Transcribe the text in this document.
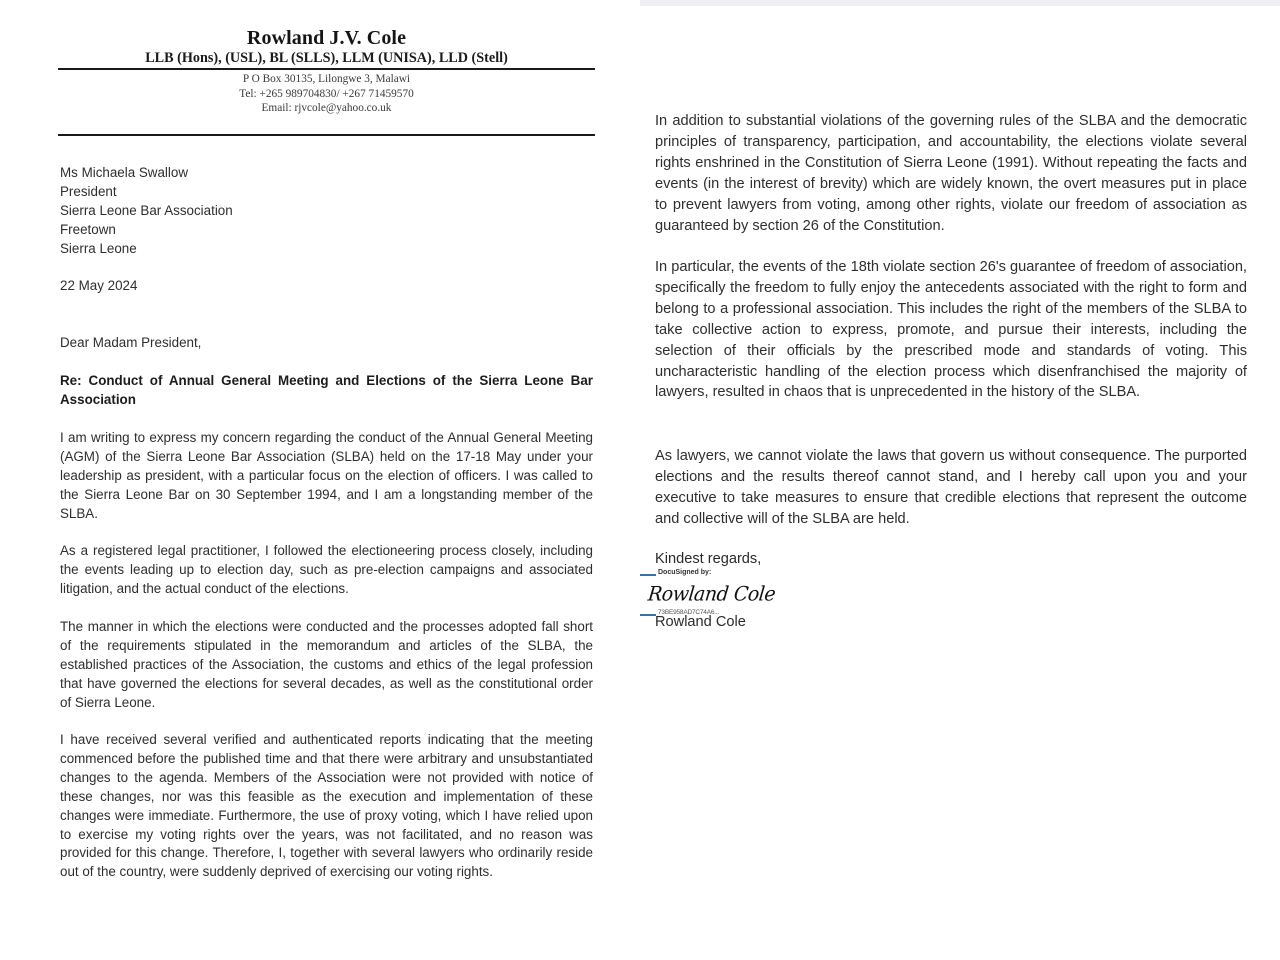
Rowland J.V. Cole
LLB (Hons), (USL), BL (SLLS), LLM (UNISA), LLD (Stell)
P O Box 30135, Lilongwe 3, Malawi
Tel: +265 989704830/ +267 71459570
Email: rjvcole@yahoo.co.uk
Ms Michaela Swallow
President
Sierra Leone Bar Association
Freetown
Sierra Leone
22 May 2024
Dear Madam President,
Re: Conduct of Annual General Meeting and Elections of the Sierra Leone Bar Association
I am writing to express my concern regarding the conduct of the Annual General Meeting (AGM) of the Sierra Leone Bar Association (SLBA) held on the 17-18 May under your leadership as president, with a particular focus on the election of officers. I was called to the Sierra Leone Bar on 30 September 1994, and I am a longstanding member of the SLBA.
As a registered legal practitioner, I followed the electioneering process closely, including the events leading up to election day, such as pre-election campaigns and associated litigation, and the actual conduct of the elections.
The manner in which the elections were conducted and the processes adopted fall short of the requirements stipulated in the memorandum and articles of the SLBA, the established practices of the Association, the customs and ethics of the legal profession that have governed the elections for several decades, as well as the constitutional order of Sierra Leone.
I have received several verified and authenticated reports indicating that the meeting commenced before the published time and that there were arbitrary and unsubstantiated changes to the agenda. Members of the Association were not provided with notice of these changes, nor was this feasible as the execution and implementation of these changes were immediate. Furthermore, the use of proxy voting, which I have relied upon to exercise my voting rights over the years, was not facilitated, and no reason was provided for this change. Therefore, I, together with several lawyers who ordinarily reside out of the country, were suddenly deprived of exercising our voting rights.
In addition to substantial violations of the governing rules of the SLBA and the democratic principles of transparency, participation, and accountability, the elections violate several rights enshrined in the Constitution of Sierra Leone (1991). Without repeating the facts and events (in the interest of brevity) which are widely known, the overt measures put in place to prevent lawyers from voting, among other rights, violate our freedom of association as guaranteed by section 26 of the Constitution.
In particular, the events of the 18th violate section 26's guarantee of freedom of association, specifically the freedom to fully enjoy the antecedents associated with the right to form and belong to a professional association. This includes the right of the members of the SLBA to take collective action to express, promote, and pursue their interests, including the selection of their officials by the prescribed mode and standards of voting. This uncharacteristic handling of the election process which disenfranchised the majority of lawyers, resulted in chaos that is unprecedented in the history of the SLBA.
As lawyers, we cannot violate the laws that govern us without consequence. The purported elections and the results thereof cannot stand, and I hereby call upon you and your executive to take measures to ensure that credible elections that represent the outcome and collective will of the SLBA are held.
Kindest regards,
DocuSigned by:
Rowland Cole
73BE958AD7C74A6...
Rowland Cole
